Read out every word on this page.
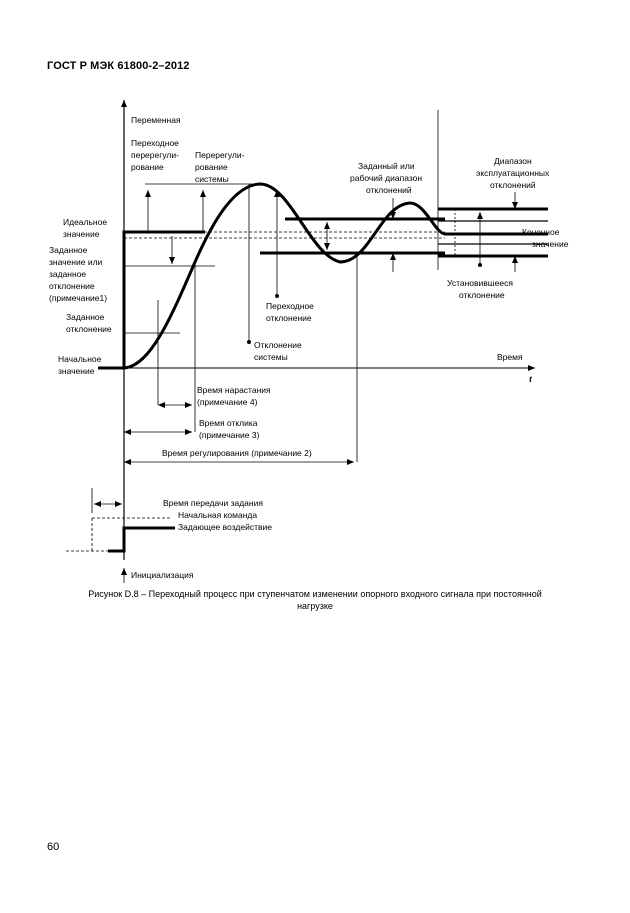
ГОСТ Р МЭК 61800-2–2012
Переменная
Переходное
перерегули-
рование
Перерегули-
рование
системы
Заданный или
рабочий диапазон
отклонений
Диапазон
эксплуатационных
отклонений
Идеальное
значение
Заданное
значение или
заданное
отклонение
(примечание1)
Конечное
значение
Переходное
отклонение
Установившееся
отклонение
Заданное
отклонение
Отклонение
системы
Начальное
значение
Время
t
Время нарастания
(примечание 4)
Время отклика
(примечание 3)
Время регулирования (примечание 2)
Время передачи задания
Начальная команда
Задающее воздействие
Инициализация
Рисунок D.8 – Переходный процесс при ступенчатом изменении опорного входного сигнала при постоянной
нагрузке
60
